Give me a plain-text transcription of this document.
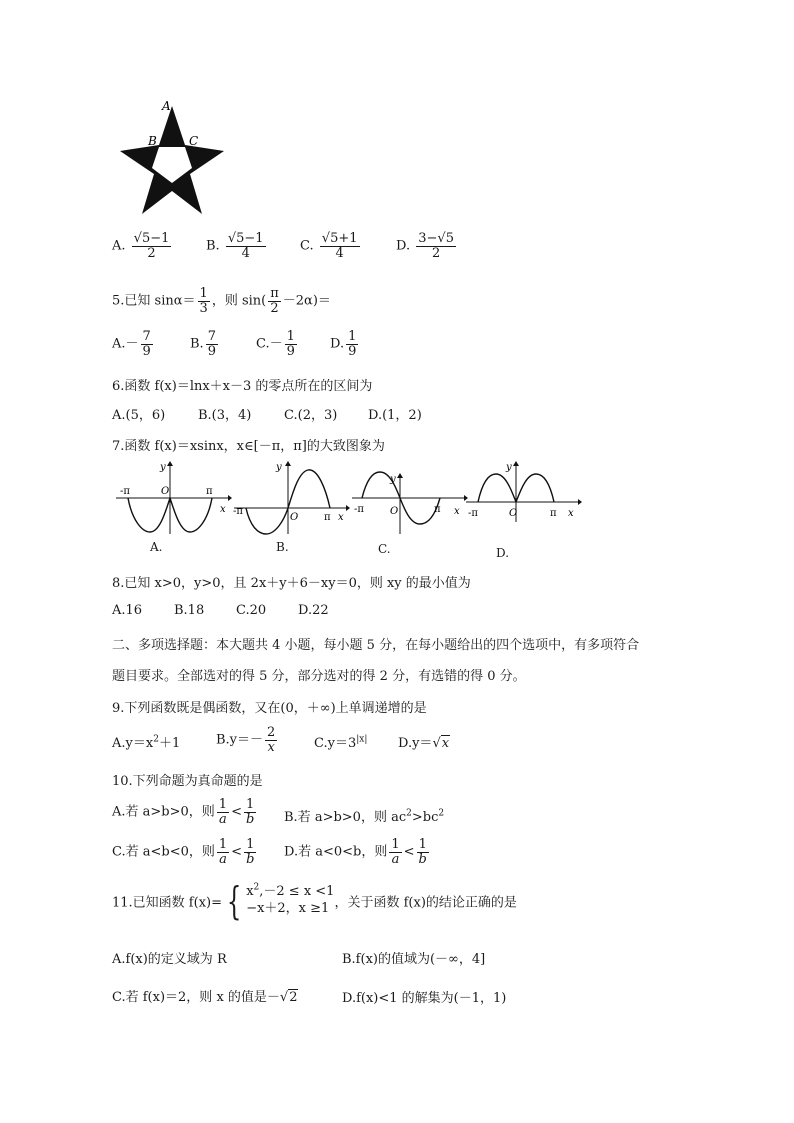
A
B	C
A. $\frac{√5-1}{2}$	B. $\frac{√5-1}{4}$	C. $\frac{√5+1}{4}$	D. $\frac{3-√5}{2}$
5.已知 $\sin\alpha= \frac{1}{3}$ ，则 $\sin( \frac{\pi}{2} -2\alpha)=$
$A.- \frac{7}{9}$	B. $\frac{7}{9}$	$C.- \frac{1}{9}$	D. $\frac{1}{9}$
6.函数 f(x)＝lnx＋x－3 的零点所在的区间为
A.(5，6)	B.(3，4)	C.(2，3) D.(1，2)
7.函数 f(x)＝xsinx，x∈[－π，π]的大致图象为
-π	O	π
x
y
A.
-π
O	π x
y
B.
-π	O	π x
y
C.
-π	O	π x
y
D.
8.已知 x>0，y>0，且 2x＋y＋6－xy＝0，则 xy 的最小值为
A.16 B.18 C.20 D.22
二、多项选择题：本大题共 4 小题，每小题 5 分，在每小题给出的四个选项中，有多项符合
题目要求。全部选对的得 5 分，部分选对的得 2 分，有选错的得 0 分。
9.下列函数既是偶函数，又在(0，＋∞)上单调递增的是
$A.y=x^2+1$	$B.y=- \frac{2}{x}$	$C.y=3^{|x|}$ D.y＝√x
10.下列命题为真命题的是
A.若 a>b>0，则 $\frac{1}{a} < \frac{1}{b} B$.若 a>b>0，则 $ac^2>bc^2$
C.若 a<b<0，则 $\frac{1}{a} < \frac{1}{b} D$.若 a<0<b，则 $\frac{1}{a} < \frac{1}{b}$
11.已知函数 f(x)= { $x^2,-2 \le x <1$
−x＋2，x ≥1 ，关于函数 f(x)的结论正确的是
A.f(x)的定义域为 R	B.f(x)的值域为(－∞，4]
C.若 f(x)＝2，则 x 的值是－√2	D.f(x)<1 的解集为(－1，1)
